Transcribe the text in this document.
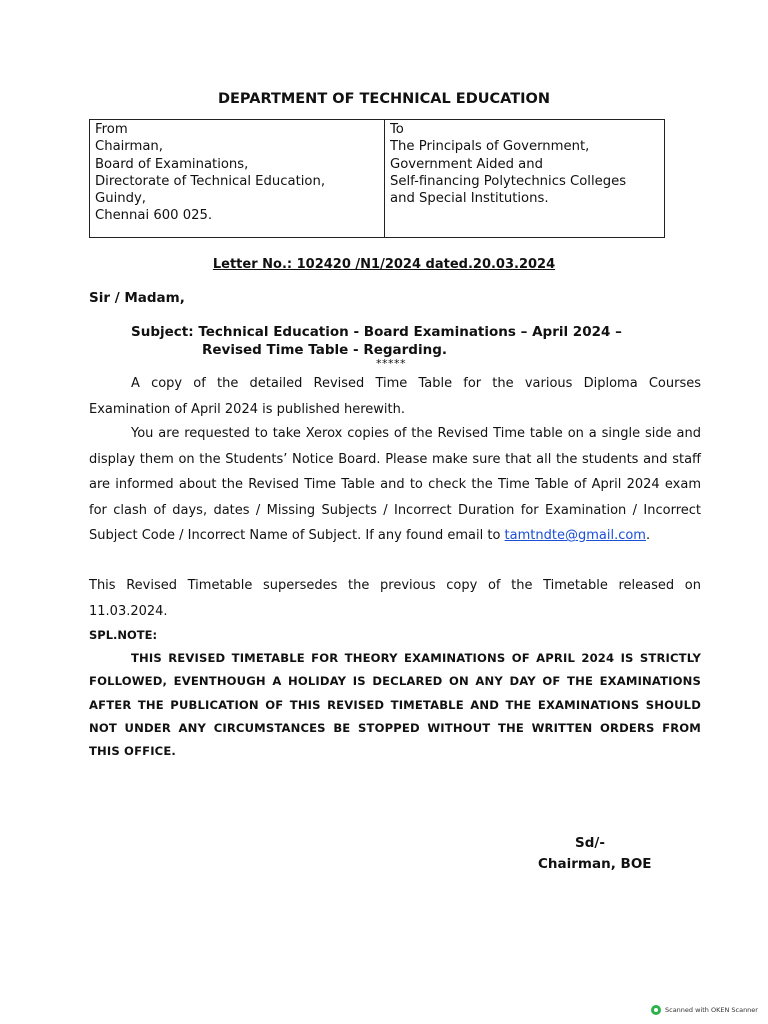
DEPARTMENT OF TECHNICAL EDUCATION
From
Chairman,
Board of Examinations,
Directorate of Technical Education,
Guindy,
Chennai 600 025.
To
The Principals of Government,
Government Aided and
Self-financing Polytechnics Colleges
and Special Institutions.
Letter No.: 102420 /N1/2024 dated.20.03.2024
Sir / Madam,
Subject: Technical Education - Board Examinations – April 2024 –
Revised Time Table - Regarding.
*****
A copy of the detailed Revised Time Table for the various Diploma Courses Examination of April 2024 is published herewith.
You are requested to take Xerox copies of the Revised Time table on a single side and display them on the Students’ Notice Board. Please make sure that all the students and staff are informed about the Revised Time Table and to check the Time Table of April 2024 exam for clash of days, dates / Missing Subjects / Incorrect Duration for Examination / Incorrect Subject Code / Incorrect Name of Subject. If any found email to tamtndte@gmail.com.
This Revised Timetable supersedes the previous copy of the Timetable released on 11.03.2024.
SPL.NOTE:
THIS REVISED TIMETABLE FOR THEORY EXAMINATIONS OF APRIL 2024 IS STRICTLY FOLLOWED, EVENTHOUGH A HOLIDAY IS DECLARED ON ANY DAY OF THE EXAMINATIONS AFTER THE PUBLICATION OF THIS REVISED TIMETABLE AND THE EXAMINATIONS SHOULD NOT UNDER ANY CIRCUMSTANCES BE STOPPED WITHOUT THE WRITTEN ORDERS FROM THIS OFFICE.
Sd/-
Chairman, BOE
Scanned with OKEN Scanner
